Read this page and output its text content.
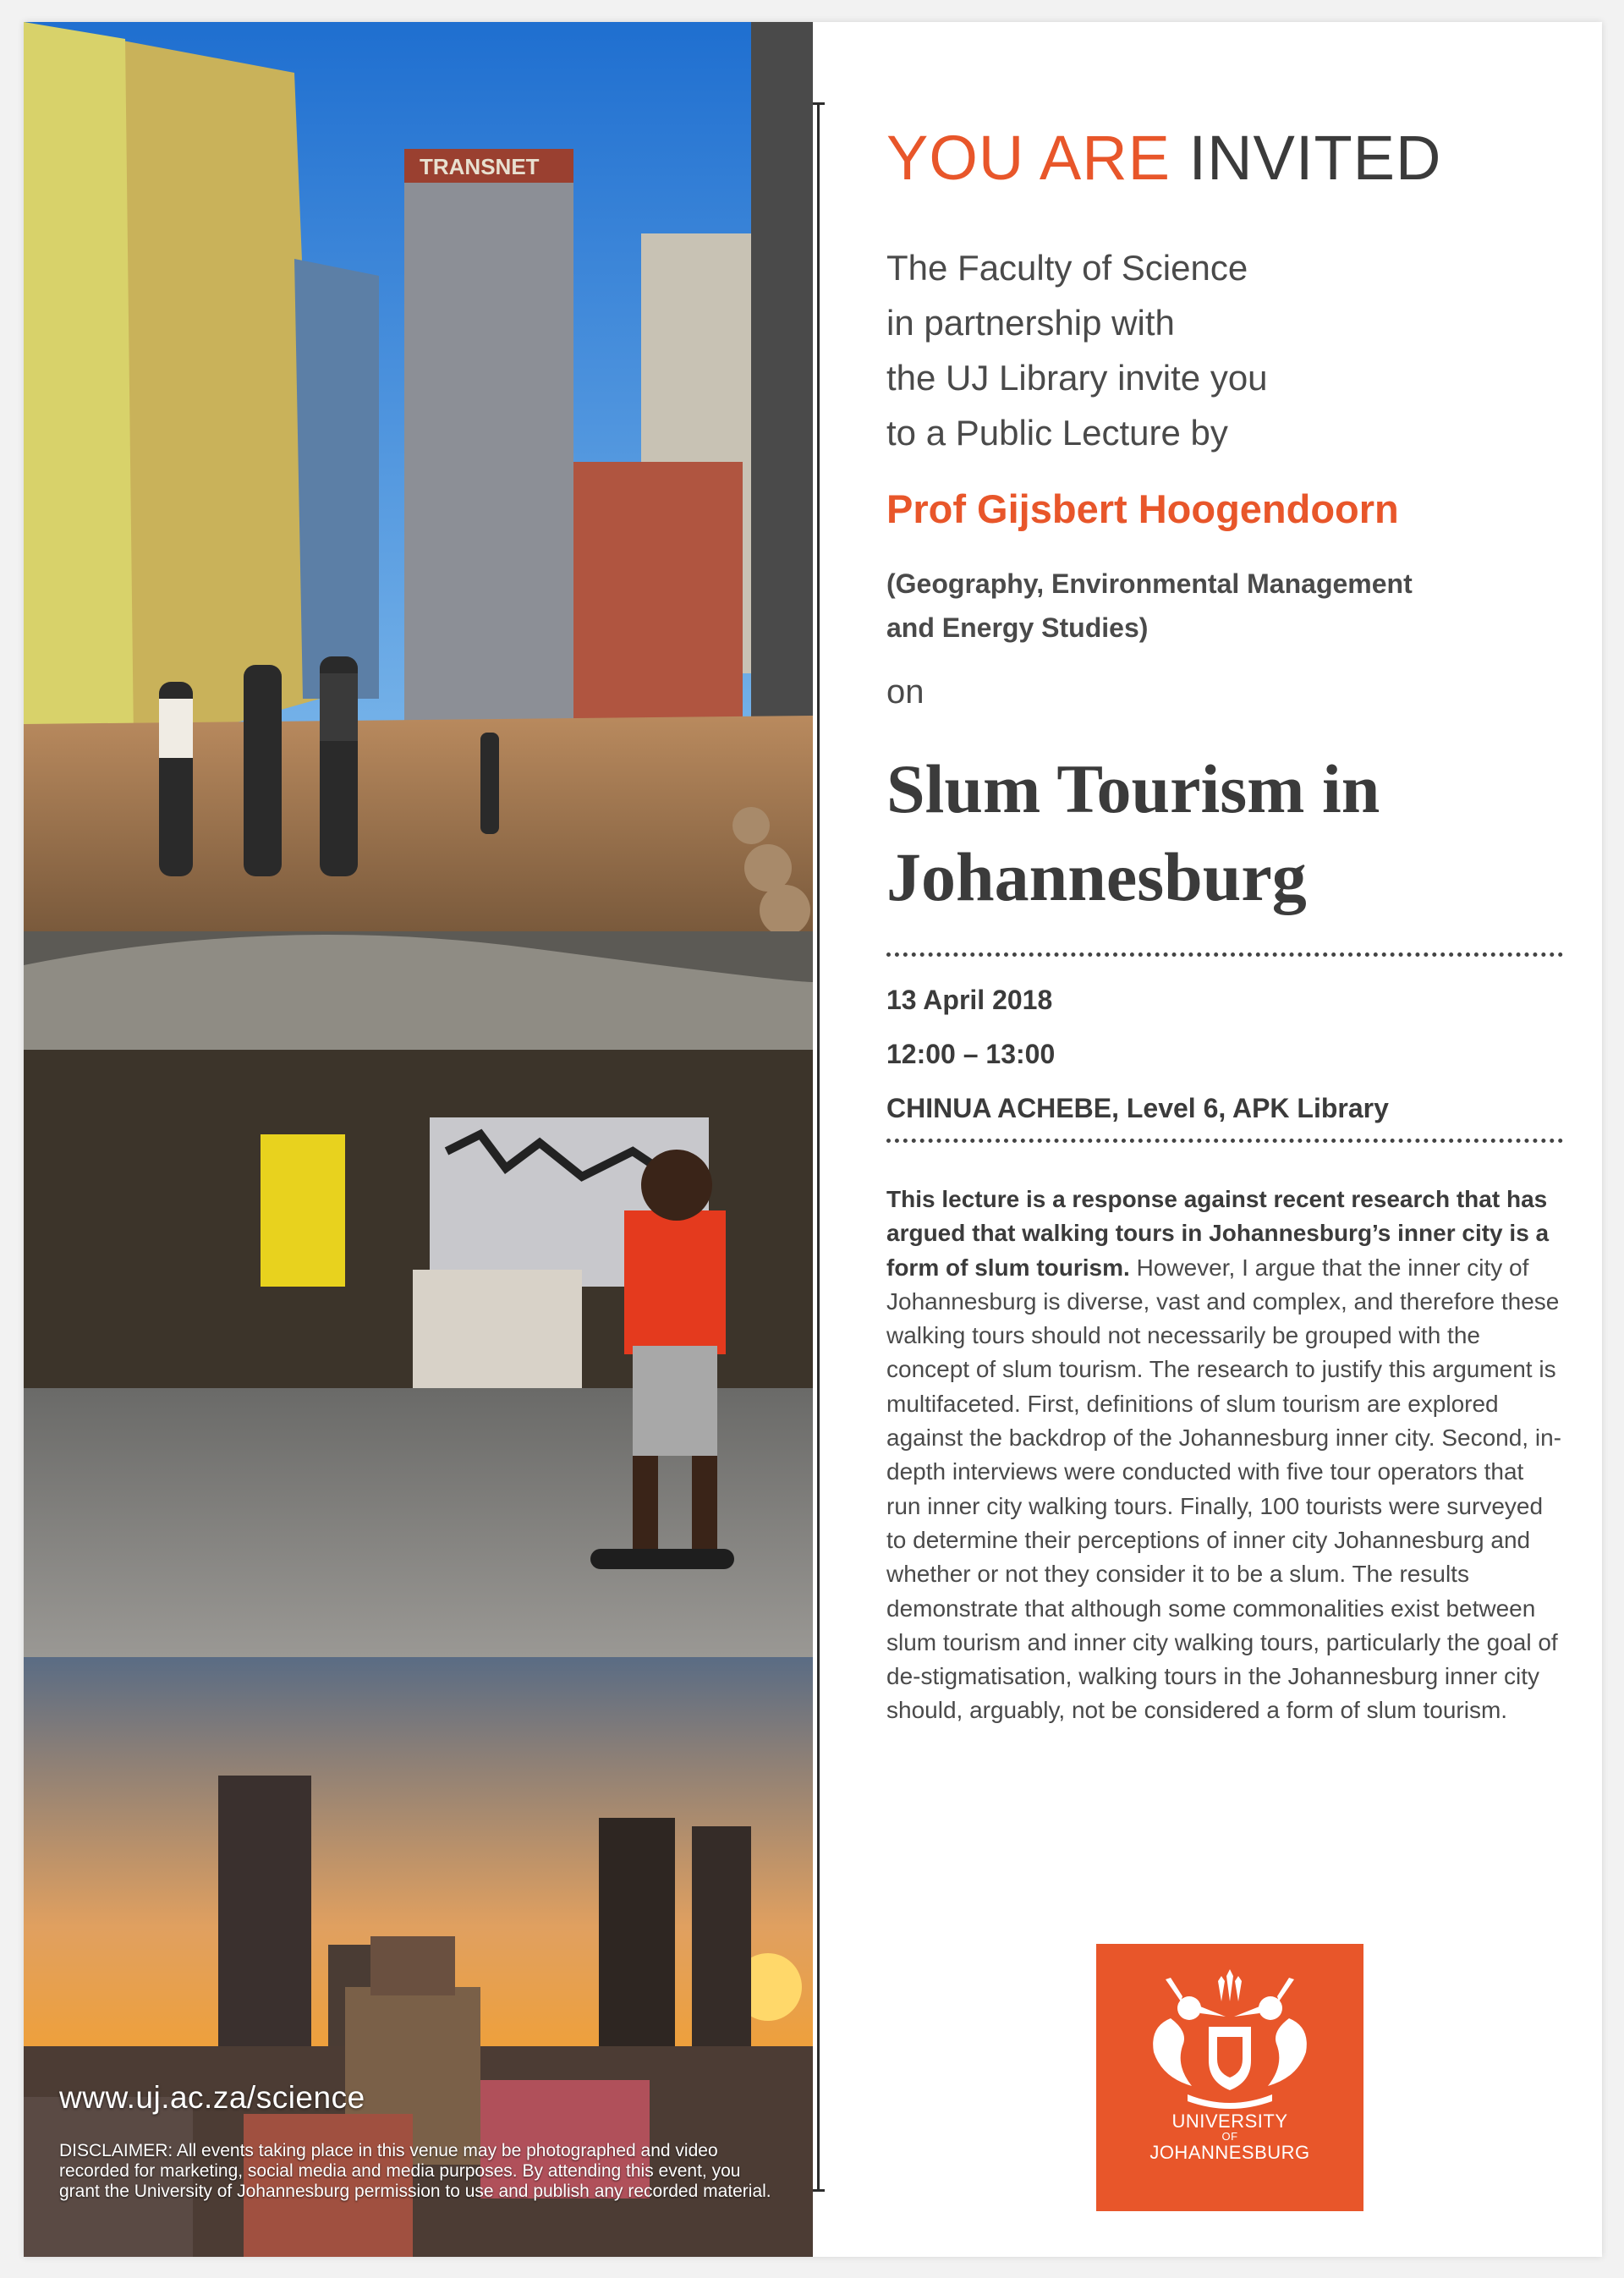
TRANSNET
www.uj.ac.za/science
DISCLAIMER: All events taking place in this venue may be photographed and video recorded for marketing, social media and media purposes. By attending this event, you grant the University of Johannesburg permission to use and publish any recorded material.
YOU ARE INVITED
The Faculty of Science
in partnership with
the UJ Library invite you
to a Public Lecture by
Prof Gijsbert Hoogendoorn
(Geography, Environmental Management
and Energy Studies)
on
Slum Tourism in
Johannesburg
13 April 2018
12:00 – 13:00
CHINUA ACHEBE, Level 6, APK Library
This lecture is a response against recent research that has argued that walking tours in Johannesburg’s inner city is a form of slum tourism. However, I argue that the inner city of Johannesburg is diverse, vast and complex, and therefore these walking tours should not necessarily be grouped with the concept of slum tourism. The research to justify this argument is multifaceted. First, definitions of slum tourism are explored against the backdrop of the Johannesburg inner city. Second, in-depth interviews were conducted with five tour operators that run inner city walking tours. Finally, 100 tourists were surveyed to determine their perceptions of inner city Johannesburg and whether or not they consider it to be a slum. The results demonstrate that although some commonalities exist between slum tourism and inner city walking tours, particularly the goal of de-stigmatisation, walking tours in the Johannesburg inner city should, arguably, not be considered a form of slum tourism.
UNIVERSITY
OF
JOHANNESBURG
